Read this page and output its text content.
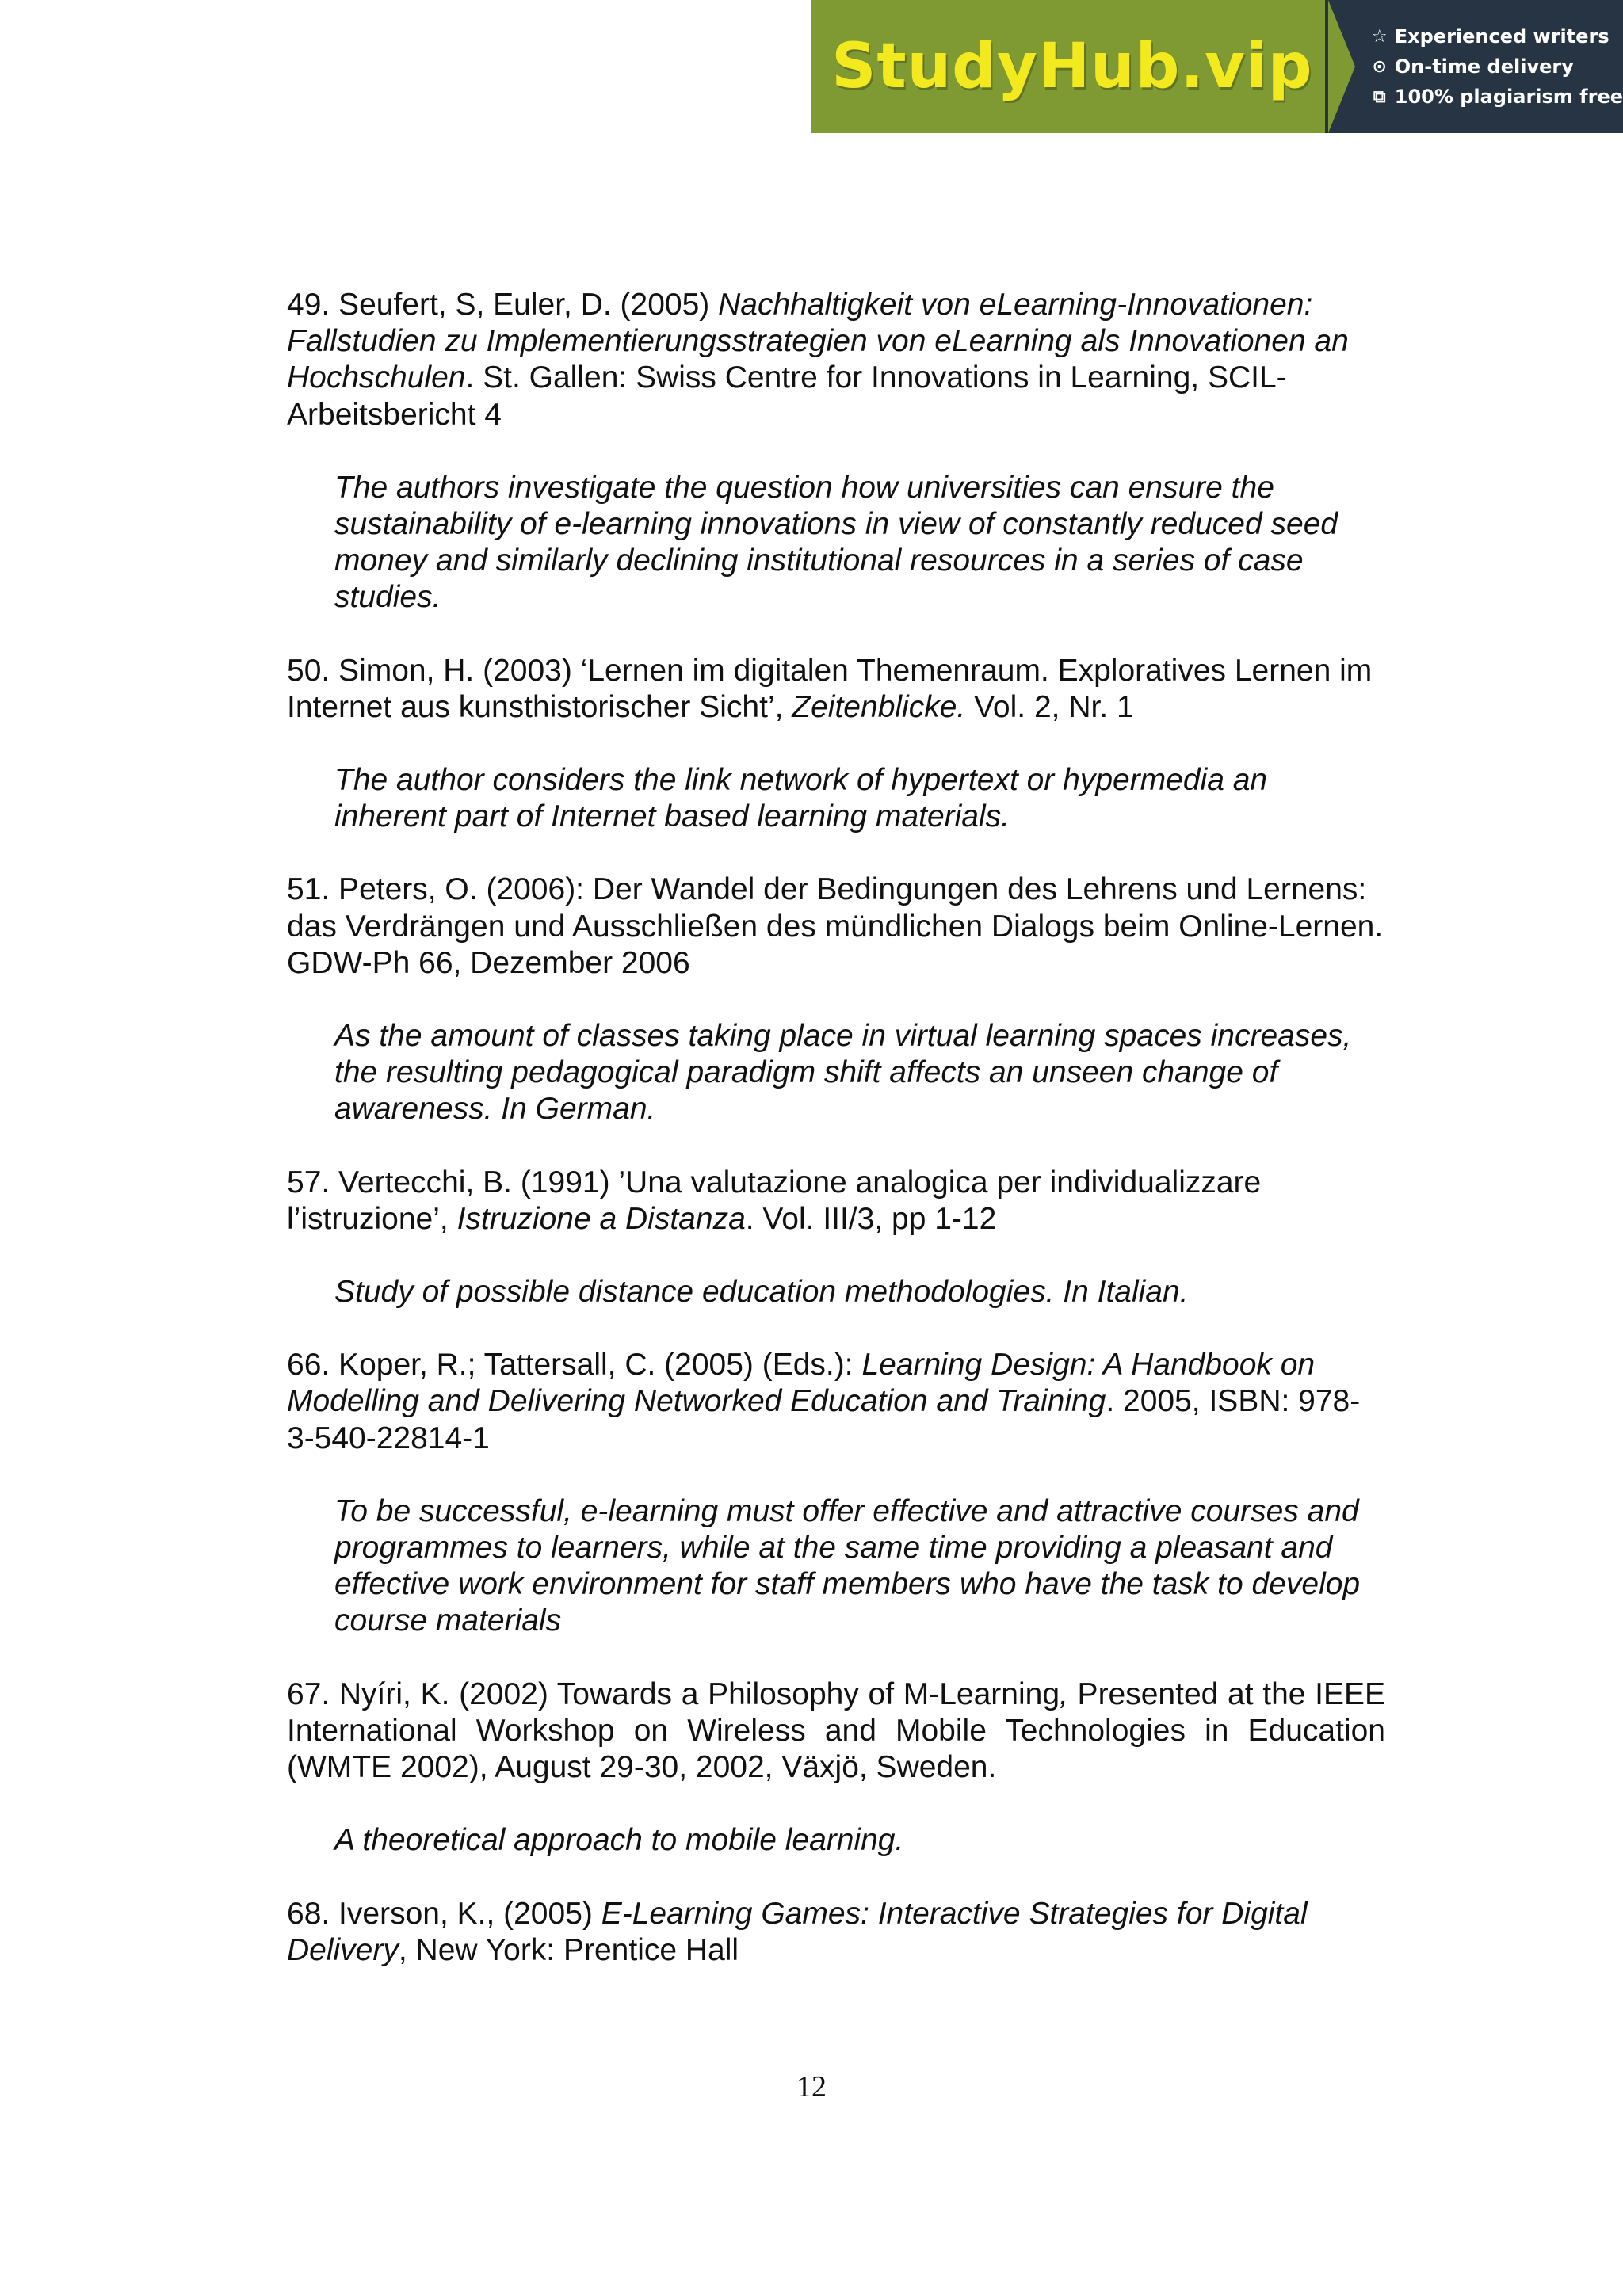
StudyHub.vip	☆ Experienced writers
⊙ On-time delivery
⧉ 100% plagiarism free

49. Seufert, S, Euler, D. (2005) Nachhaltigkeit von eLearning-Innovationen: Fallstudien zu Implementierungsstrategien von eLearning als Innovationen an Hochschulen. St. Gallen: Swiss Centre for Innovations in Learning, SCIL-Arbeitsbericht 4

The authors investigate the question how universities can ensure the sustainability of e-learning innovations in view of constantly reduced seed money and similarly declining institutional resources in a series of case studies.

50. Simon, H. (2003) ‘Lernen im digitalen Themenraum. Exploratives Lernen im Internet aus kunsthistorischer Sicht’, Zeitenblicke. Vol. 2, Nr. 1

The author considers the link network of hypertext or hypermedia an inherent part of Internet based learning materials.

51. Peters, O. (2006): Der Wandel der Bedingungen des Lehrens und Lernens: das Verdrängen und Ausschließen des mündlichen Dialogs beim Online-Lernen. GDW-Ph 66, Dezember 2006

As the amount of classes taking place in virtual learning spaces increases, the resulting pedagogical paradigm shift affects an unseen change of awareness. In German.

57. Vertecchi, B. (1991) ’Una valutazione analogica per individualizzare l’istruzione’, Istruzione a Distanza. Vol. III/3, pp 1-12

Study of possible distance education methodologies. In Italian.

66. Koper, R.; Tattersall, C. (2005) (Eds.): Learning Design: A Handbook on Modelling and Delivering Networked Education and Training. 2005, ISBN: 978-3-540-22814-1

To be successful, e-learning must offer effective and attractive courses and programmes to learners, while at the same time providing a pleasant and effective work environment for staff members who have the task to develop course materials

67. Nyíri, K. (2002) Towards a Philosophy of M-Learning, Presented at the IEEE International Workshop on Wireless and Mobile Technologies in Education (WMTE 2002), August 29-30, 2002, Växjö, Sweden.

A theoretical approach to mobile learning.

68. Iverson, K., (2005) E-Learning Games: Interactive Strategies for Digital Delivery, New York: Prentice Hall

12
